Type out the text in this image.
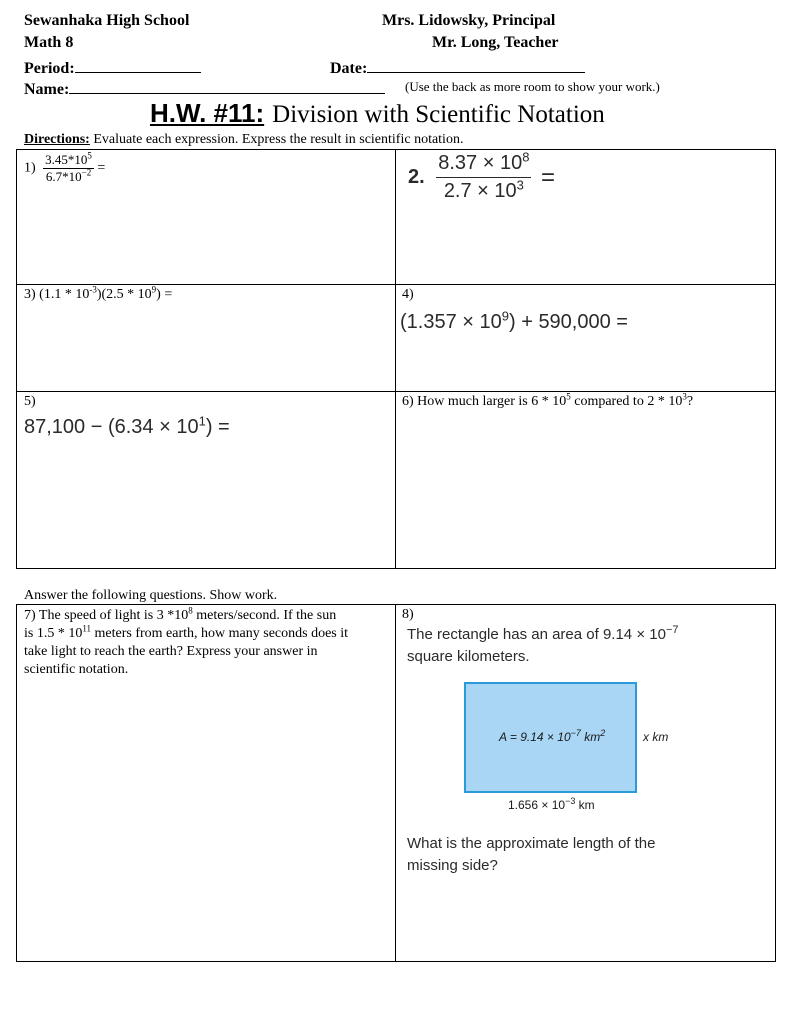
Sewanhaka High School	Mrs. Lidowsky, Principal
Math 8	Mr. Long, Teacher
Period:	Date:
Name:	(Use the back as more room to show your work.)
H.W. #11: Division with Scientific Notation
Directions: Evaluate each expression. Express the result in scientific notation.
$1) \frac{3.45*10^5}{6.7*10^{-2}}$ =	2. $\frac{8.37 \times 10^8}{2.7 \times 10^3}$ =
3) $(1.1 * 10^{-3})(2.5 * 10^9)$ =	4)
$(1.357 \times 10^9) + 590,000$ =
5)
$87,100 - (6.34 \times 10^1)$ =
6) How much larger is $6 * 10^5$ compared to $2 * 10^3$?
Answer the following questions. Show work.
7) The speed of light is 3 $*10^8$ meters/second. If the sun
is $1.5 * 10^{11}$ meters from earth, how many seconds does it
take light to reach the earth? Express your answer in
scientific notation.
8)
The rectangle has an area of $9.14 \times 10^{-7}$
square kilometers.
$A = 9.14 \times 10^{-7}$ $km^2$	x km
$1.656 \times 10^{-3}$ km
What is the approximate length of the
missing side?
